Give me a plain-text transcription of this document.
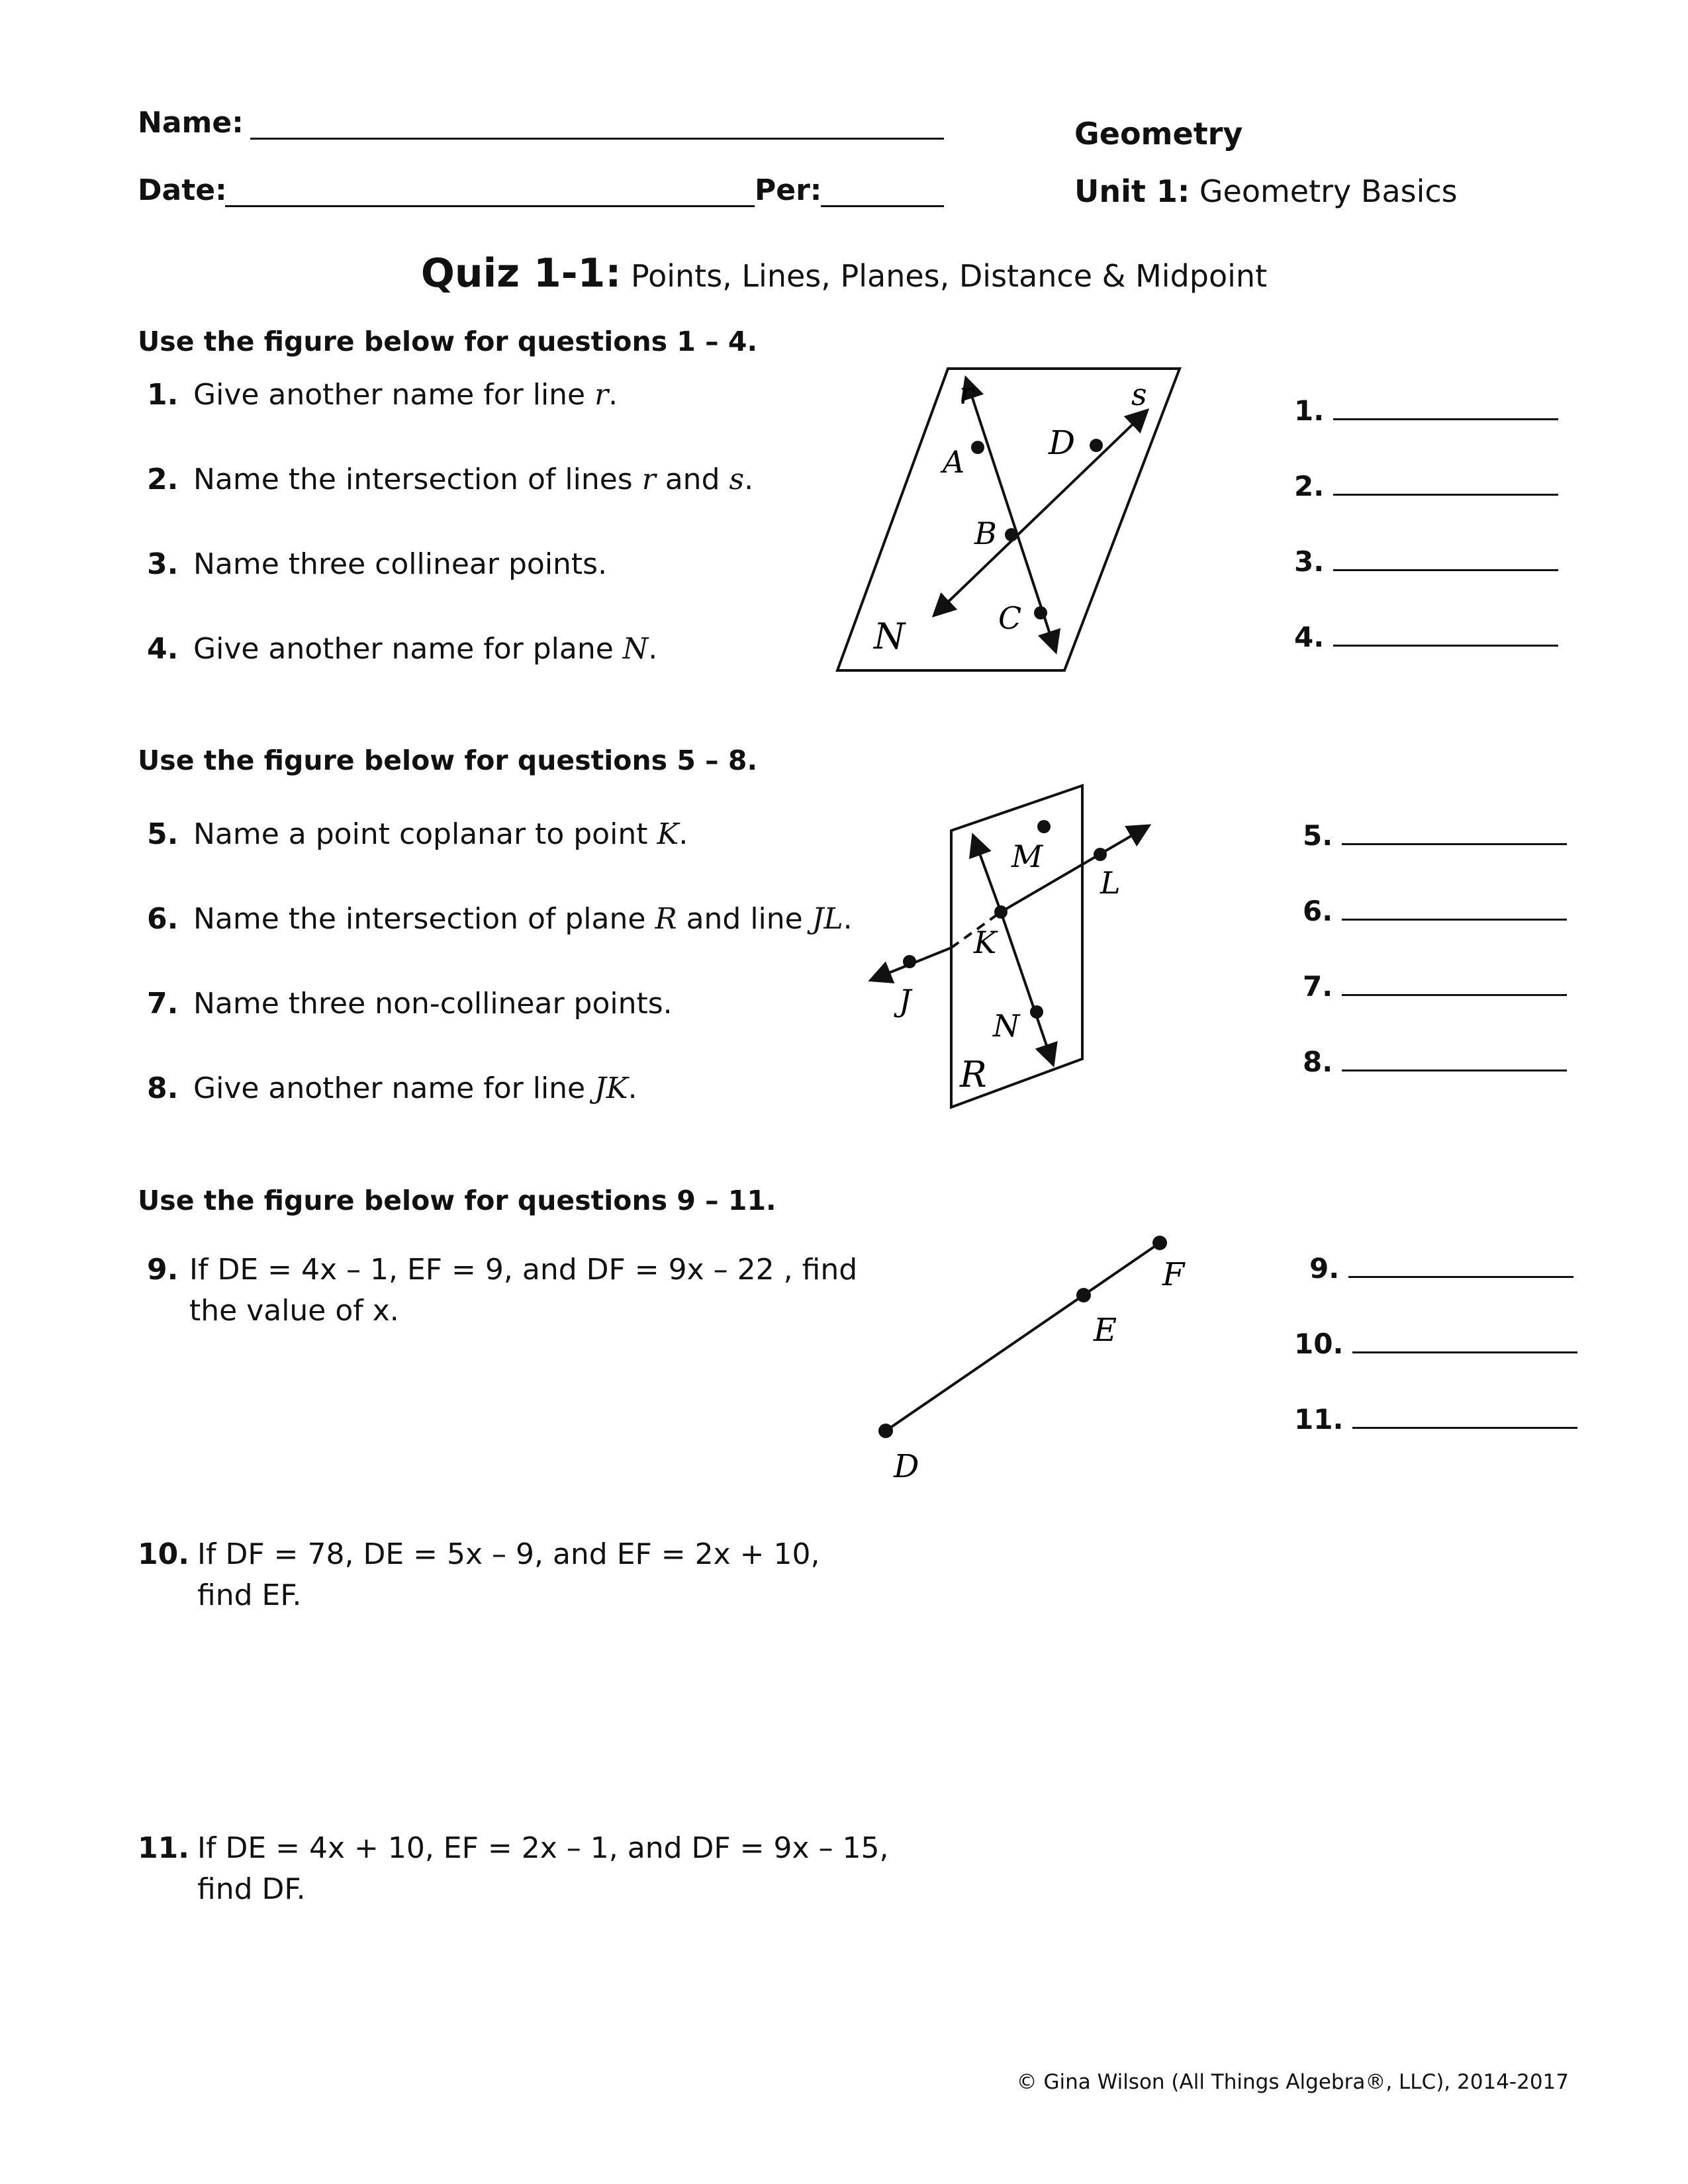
Name:
Date:	Per:
Geometry
Unit 1: Geometry Basics
Quiz 1-1: Points, Lines, Planes, Distance & Midpoint
Use the figure below for questions 1 – 4.
1. Give another name for line r.
2. Name the intersection of lines r and s.
3. Name three collinear points.
4. Give another name for plane N.
r	s
A
B
C
D
N
1.
2.
3.
4.
Use the figure below for questions 5 – 8.
5. Name a point coplanar to point K.
6. Name the intersection of plane R and line JL.
7. Name three non-collinear points.
8. Give another name for line JK.
M
L
K
J
N
R
5.
6.
7.
8.
Use the figure below for questions 9 – 11.
9. If DE = 4x – 1, EF = 9, and DF = 9x – 22 , find
the value of x.
10. If DF = 78, DE = 5x – 9, and EF = 2x + 10,
find EF.
11. If DE = 4x + 10, EF = 2x – 1, and DF = 9x – 15,
find DF.
D
E
F	9.
10.
11.
© Gina Wilson (All Things Algebra®, LLC), 2014-2017
